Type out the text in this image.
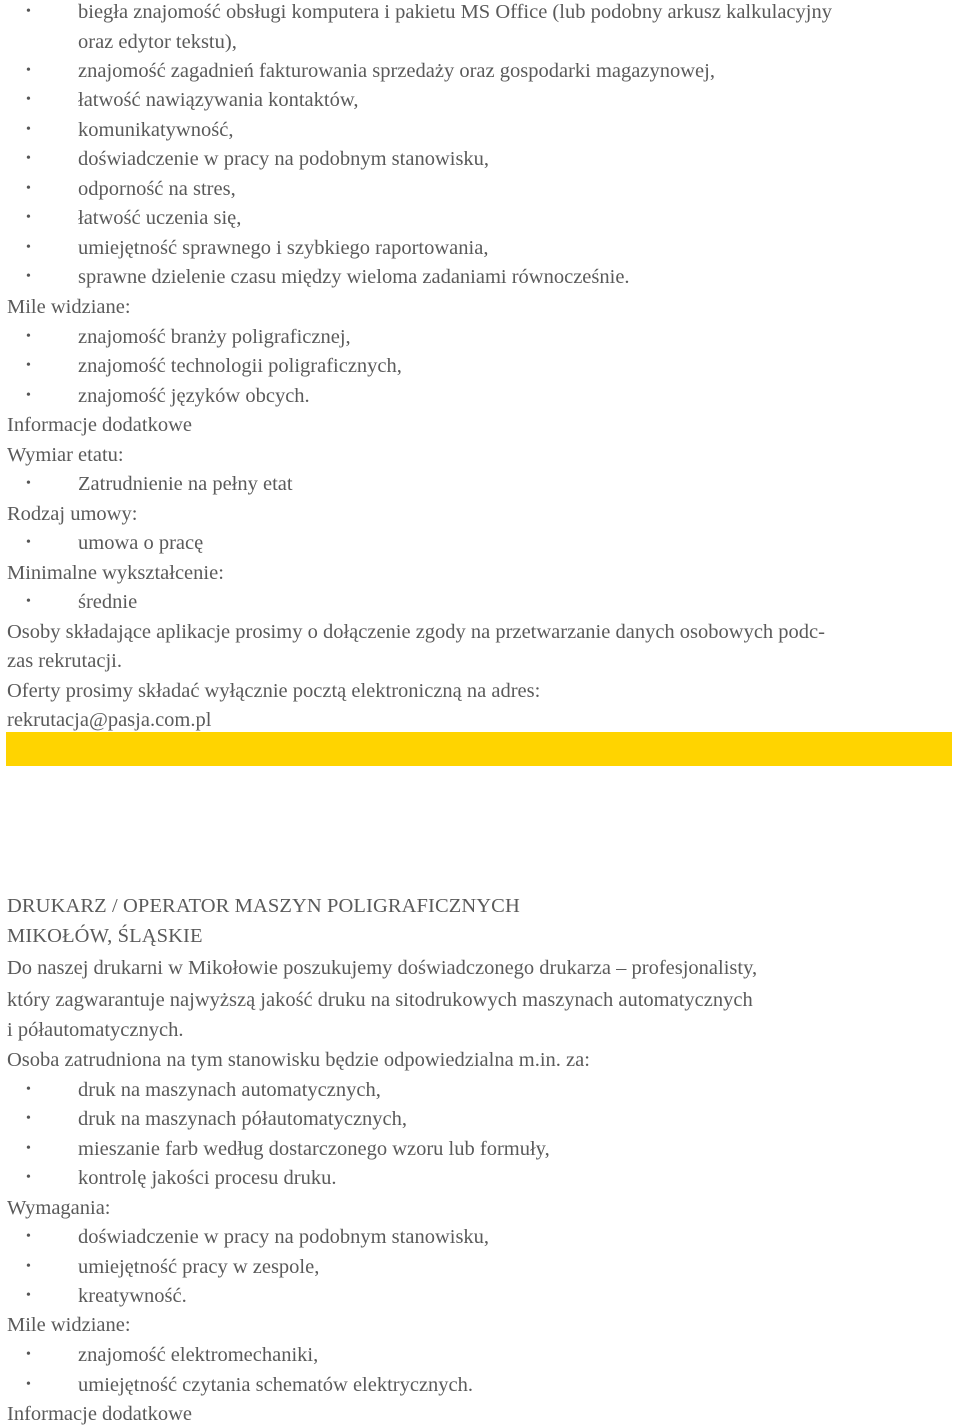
• biegła znajomość obsługi komputera i pakietu MS Office (lub podobny arkusz kalkulacyjny
oraz edytor tekstu),
• znajomość zagadnień fakturowania sprzedaży oraz gospodarki magazynowej,
• łatwość nawiązywania kontaktów,
• komunikatywność,
• doświadczenie w pracy na podobnym stanowisku,
• odporność na stres,
• łatwość uczenia się,
• umiejętność sprawnego i szybkiego raportowania,
• sprawne dzielenie czasu między wieloma zadaniami równocześnie.
Mile widziane:
• znajomość branży poligraficznej,
• znajomość technologii poligraficznych,
• znajomość języków obcych.
Informacje dodatkowe
Wymiar etatu:
• Zatrudnienie na pełny etat
Rodzaj umowy:
• umowa o pracę
Minimalne wykształcenie:
• średnie
Osoby składające aplikacje prosimy o dołączenie zgody na przetwarzanie danych osobowych podc-
zas rekrutacji.
Oferty prosimy składać wyłącznie pocztą elektroniczną na adres:
rekrutacja@pasja.com.pl
DRUKARZ / OPERATOR MASZYN POLIGRAFICZNYCH
MIKOŁÓW, ŚLĄSKIE
Do naszej drukarni w Mikołowie poszukujemy doświadczonego drukarza – profesjonalisty,
który zagwarantuje najwyższą jakość druku na sitodrukowych maszynach automatycznych
i półautomatycznych.
Osoba zatrudniona na tym stanowisku będzie odpowiedzialna m.in. za:
• druk na maszynach automatycznych,
• druk na maszynach półautomatycznych,
• mieszanie farb według dostarczonego wzoru lub formuły,
• kontrolę jakości procesu druku.
Wymagania:
• doświadczenie w pracy na podobnym stanowisku,
• umiejętność pracy w zespole,
• kreatywność.
Mile widziane:
• znajomość elektromechaniki,
• umiejętność czytania schematów elektrycznych.
Informacje dodatkowe
